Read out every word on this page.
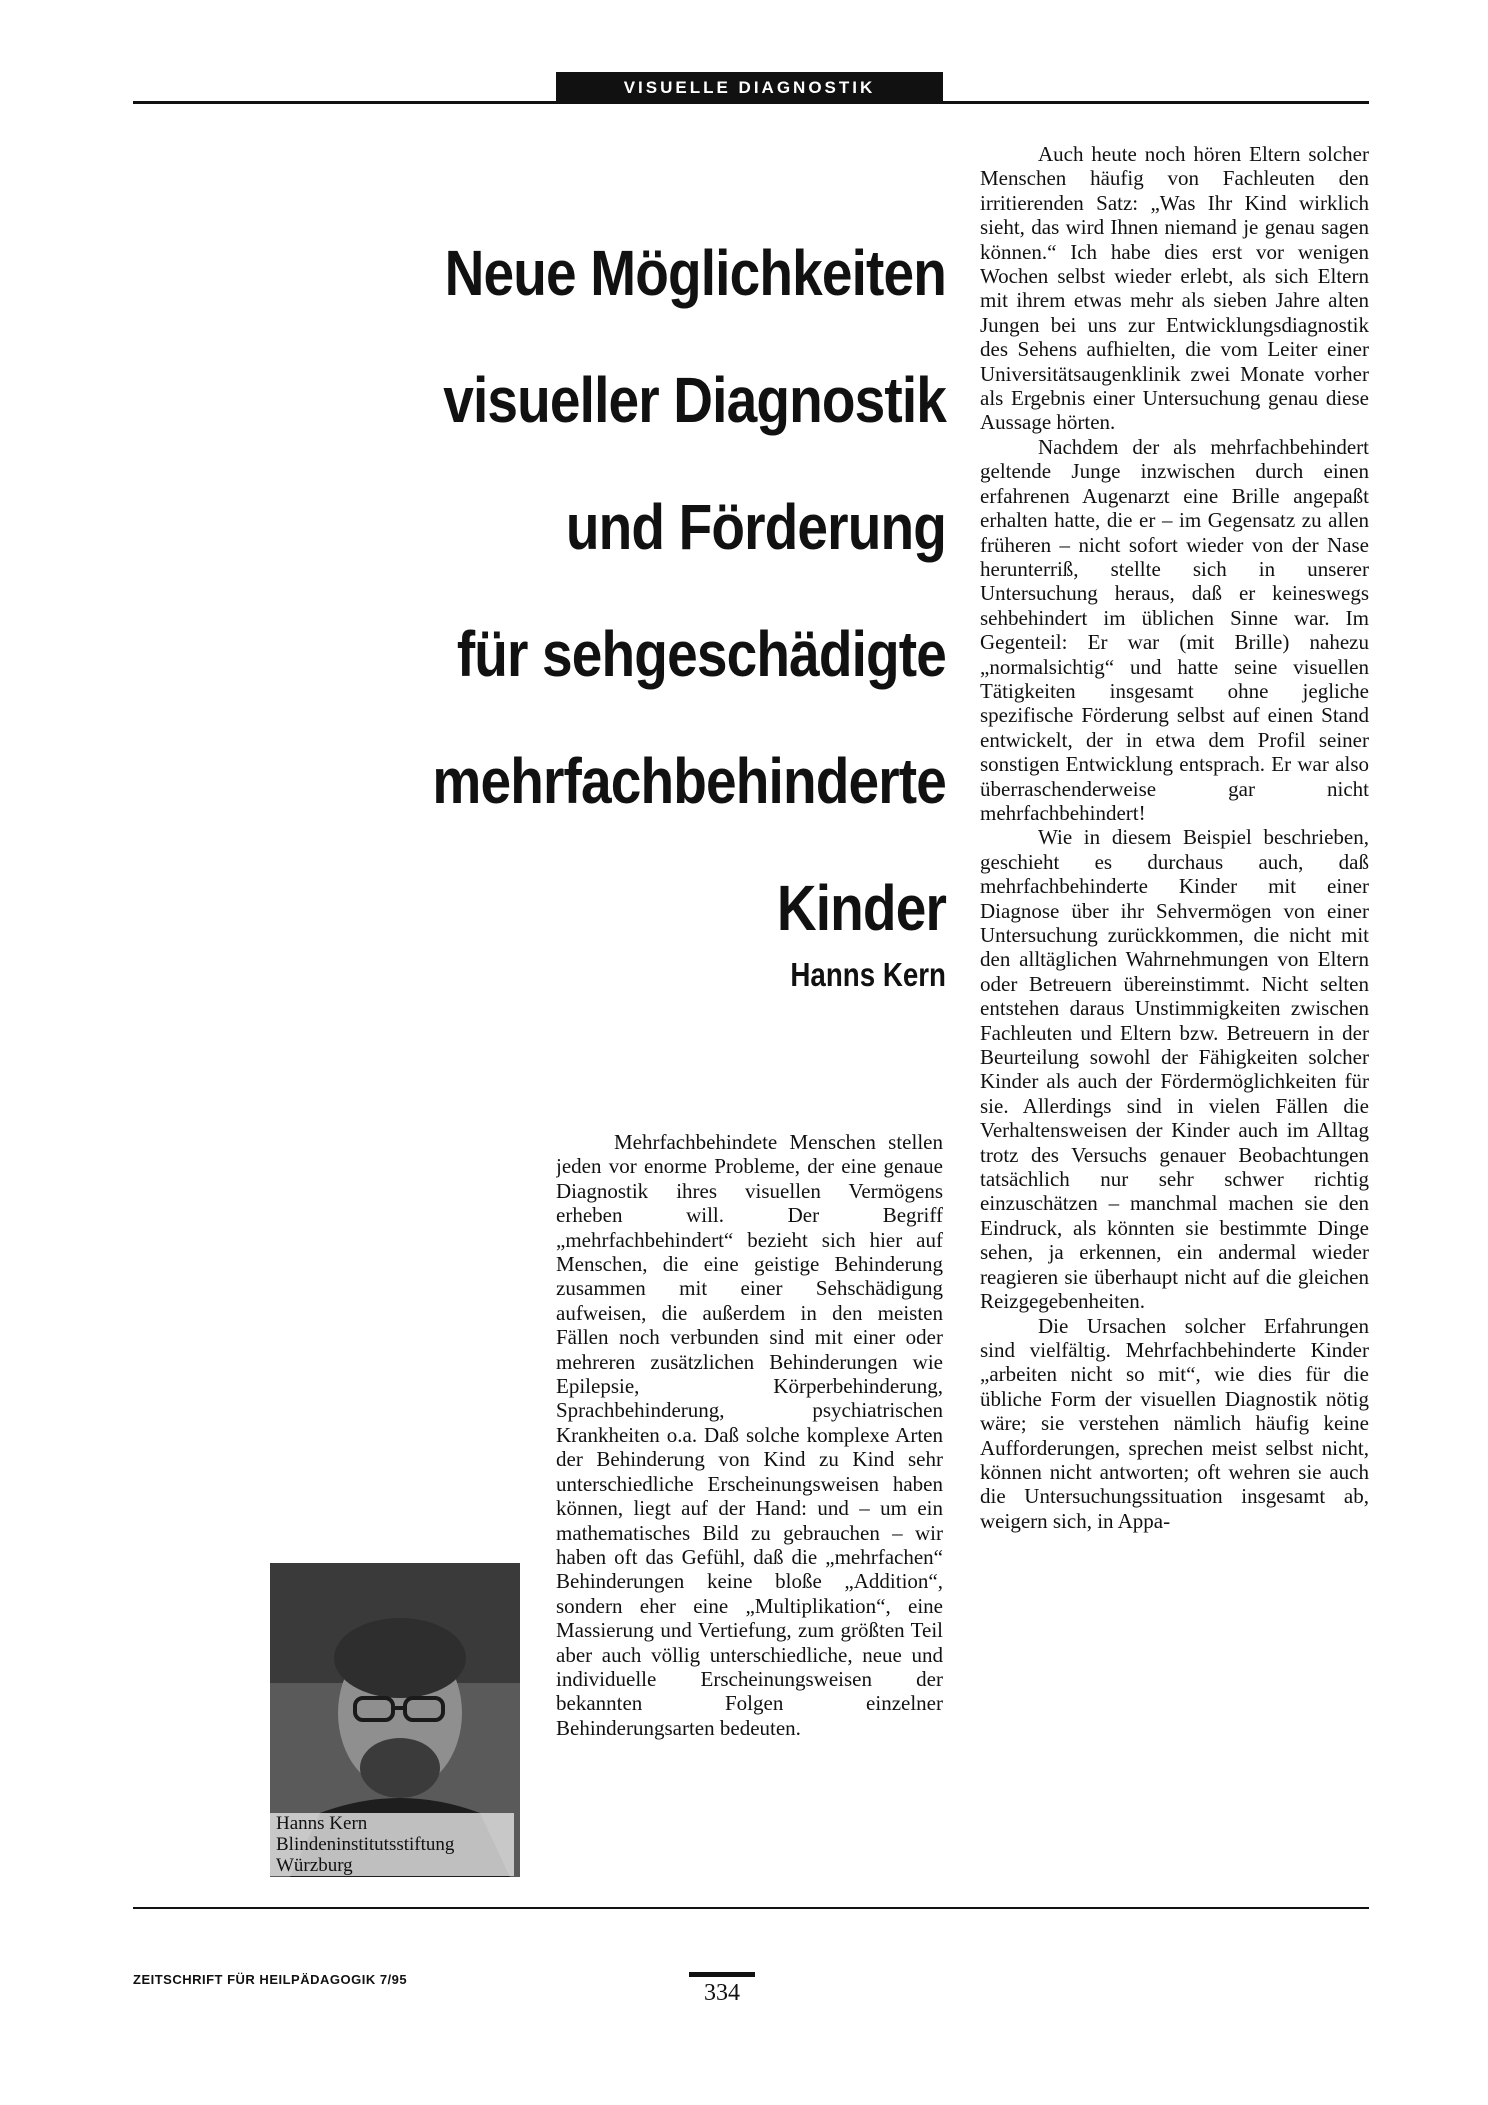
VISUELLE DIAGNOSTIK
Neue Möglichkeiten
visueller Diagnostik
und Förderung
für sehgeschädigte
mehrfachbehinderte
Kinder
Hanns Kern

Mehrfachbehindete Menschen stellen jeden vor enorme Probleme, der eine genaue Diagnostik ihres visuellen Vermögens erheben will. Der Begriff „mehrfachbehindert“ bezieht sich hier auf Menschen, die eine geistige Behinderung zusammen mit einer Sehschädigung aufweisen, die außerdem in den meisten Fällen noch verbunden sind mit einer oder mehreren zusätzlichen Behinderungen wie Epilepsie, Körperbehinderung, Sprachbehinderung, psychiatrischen Krankheiten o.a. Daß solche komplexe Arten der Behinderung von Kind zu Kind sehr unterschiedliche Erscheinungsweisen haben können, liegt auf der Hand: und – um ein mathematisches Bild zu gebrauchen – wir haben oft das Gefühl, daß die „mehrfachen“ Behinderungen keine bloße „Addition“, sondern eher eine „Multiplikation“, eine Massierung und Vertiefung, zum größten Teil aber auch völlig unterschiedliche, neue und individuelle Erscheinungsweisen der bekannten Folgen einzelner Behinderungsarten bedeuten.

Auch heute noch hören Eltern solcher Menschen häufig von Fachleuten den irritierenden Satz: „Was Ihr Kind wirklich sieht, das wird Ihnen niemand je genau sagen können.“ Ich habe dies erst vor wenigen Wochen selbst wieder erlebt, als sich Eltern mit ihrem etwas mehr als sieben Jahre alten Jungen bei uns zur Entwicklungsdiagnostik des Sehens aufhielten, die vom Leiter einer Universitätsaugenklinik zwei Monate vorher als Ergebnis einer Untersuchung genau diese Aussage hörten.

Nachdem der als mehrfachbehindert geltende Junge inzwischen durch einen erfahrenen Augenarzt eine Brille angepaßt erhalten hatte, die er – im Gegensatz zu allen früheren – nicht sofort wieder von der Nase herunterriß, stellte sich in unserer Untersuchung heraus, daß er keineswegs sehbehindert im üblichen Sinne war. Im Gegenteil: Er war (mit Brille) nahezu „normalsichtig“ und hatte seine visuellen Tätigkeiten insgesamt ohne jegliche spezifische Förderung selbst auf einen Stand entwickelt, der in etwa dem Profil seiner sonstigen Entwicklung entsprach. Er war also überraschenderweise gar nicht mehrfachbehindert!

Wie in diesem Beispiel beschrieben, geschieht es durchaus auch, daß mehrfachbehinderte Kinder mit einer Diagnose über ihr Sehvermögen von einer Untersuchung zurückkommen, die nicht mit den alltäglichen Wahrnehmungen von Eltern oder Betreuern übereinstimmt. Nicht selten entstehen daraus Unstimmigkeiten zwischen Fachleuten und Eltern bzw. Betreuern in der Beurteilung sowohl der Fähigkeiten solcher Kinder als auch der Fördermöglichkeiten für sie. Allerdings sind in vielen Fällen die Verhaltensweisen der Kinder auch im Alltag trotz des Versuchs genauer Beobachtungen tatsächlich nur sehr schwer richtig einzuschätzen – manchmal machen sie den Eindruck, als könnten sie bestimmte Dinge sehen, ja erkennen, ein andermal wieder reagieren sie überhaupt nicht auf die gleichen Reizgegebenheiten.

Die Ursachen solcher Erfahrungen sind vielfältig. Mehrfachbehinderte Kinder „arbeiten nicht so mit“, wie dies für die übliche Form der visuellen Diagnostik nötig wäre; sie verstehen nämlich häufig keine Aufforderungen, sprechen meist selbst nicht, können nicht antworten; oft wehren sie auch die Untersuchungssituation insgesamt ab, weigern sich, in Appa-

Hanns Kern
Blindeninstitutsstiftung
Würzburg
ZEITSCHRIFT FÜR HEILPÄDAGOGIK 7/95
334
